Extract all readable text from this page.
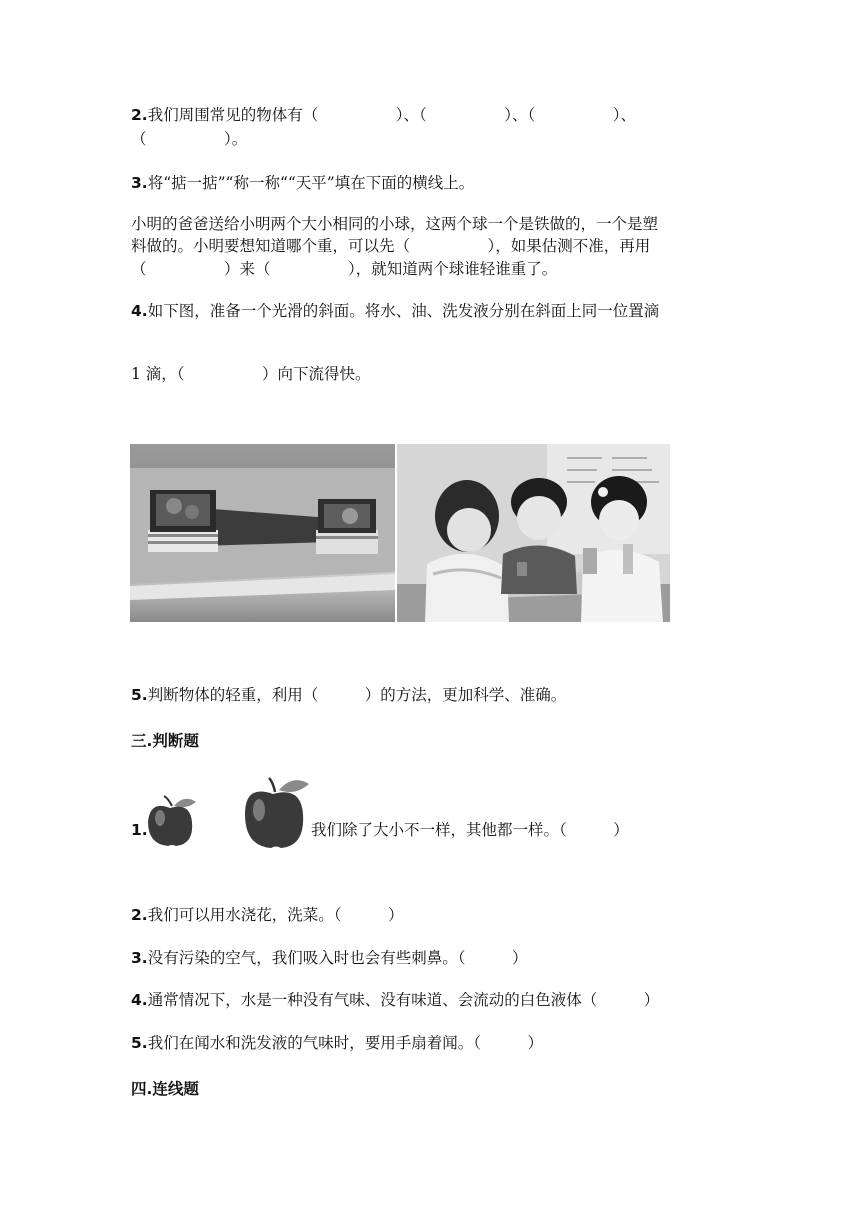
2.我们周围常见的物体有（　　　　　）、（　　　　　）、（　　　　　）、
（　　　　　）。
3.将“掂一掂”“称一称““天平”填在下面的横线上。
小明的爸爸送给小明两个大小相同的小球，这两个球一个是铁做的，一个是塑
料做的。小明要想知道哪个重，可以先（　　　　　），如果估测不准，再用
（　　　　　）来（　　　　　），就知道两个球谁轻谁重了。
4.如下图，准备一个光滑的斜面。将水、油、洗发液分别在斜面上同一位置滴
1 滴，（　　　　　）向下流得快。
5.判断物体的轻重，利用（　　　）的方法，更加科学、准确。
三.判断题
1.	我们除了大小不一样，其他都一样。（　　　）
2.我们可以用水浇花，洗菜。（　　　）
3.没有污染的空气，我们吸入时也会有些刺鼻。（　　　）
4.通常情况下，水是一种没有气味、没有味道、会流动的白色液体（　　　）
5.我们在闻水和洗发液的气味时，要用手扇着闻。（　　　）
四.连线题
